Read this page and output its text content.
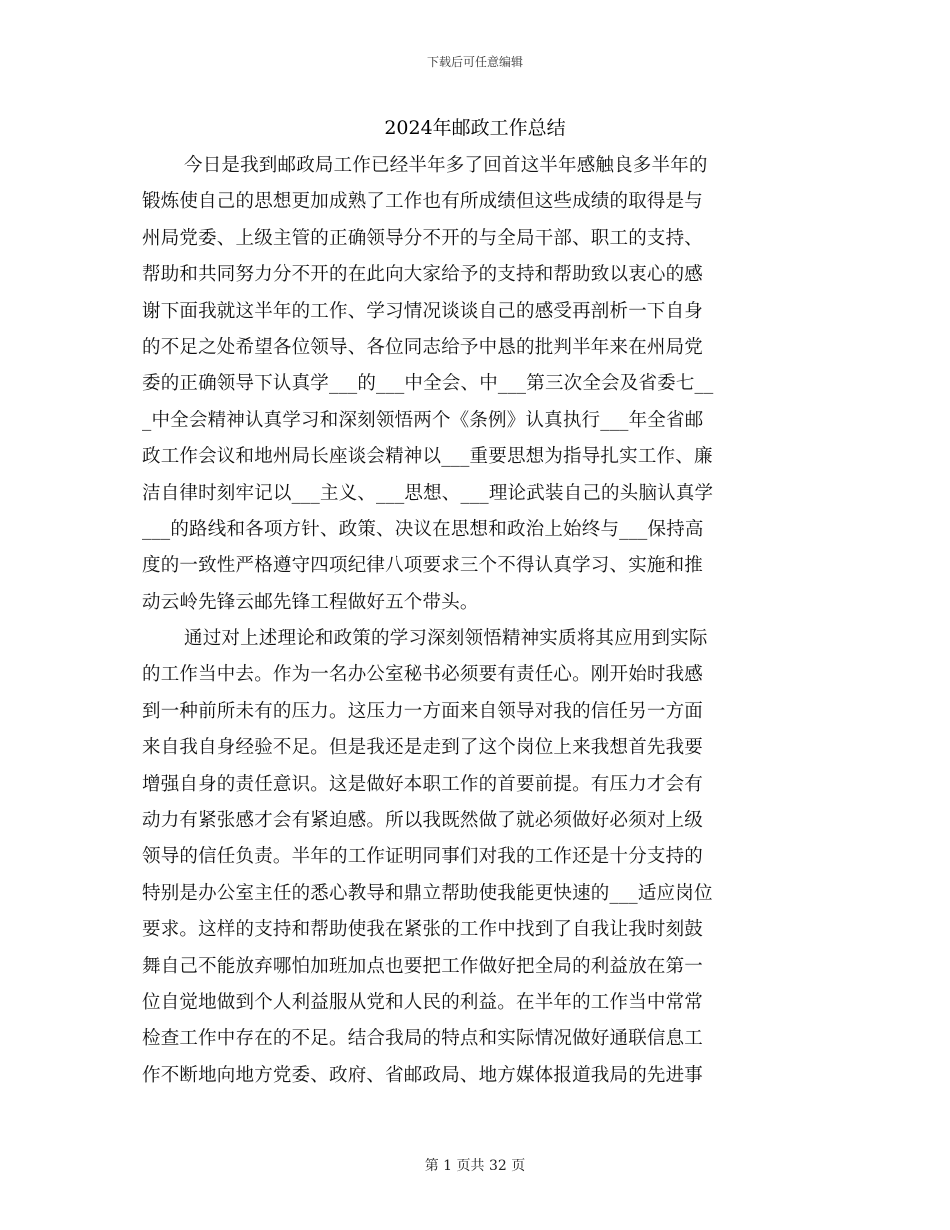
下载后可任意编辑
2024年邮政工作总结
今日是我到邮政局工作已经半年多了回首这半年感触良多半年的
锻炼使自己的思想更加成熟了工作也有所成绩但这些成绩的取得是与
州局党委、上级主管的正确领导分不开的与全局干部、职工的支持、
帮助和共同努力分不开的在此向大家给予的支持和帮助致以衷心的感
谢下面我就这半年的工作、学习情况谈谈自己的感受再剖析一下自身
的不足之处希望各位领导、各位同志给予中恳的批判半年来在州局党
委的正确领导下认真学___的___中全会、中___第三次全会及省委七__
_中全会精神认真学习和深刻领悟两个《条例》认真执行___年全省邮
政工作会议和地州局长座谈会精神以___重要思想为指导扎实工作、廉
洁自律时刻牢记以___主义、___思想、___理论武装自己的头脑认真学
___的路线和各项方针、政策、决议在思想和政治上始终与___保持高
度的一致性严格遵守四项纪律八项要求三个不得认真学习、实施和推
动云岭先锋云邮先锋工程做好五个带头。
通过对上述理论和政策的学习深刻领悟精神实质将其应用到实际
的工作当中去。作为一名办公室秘书必须要有责任心。刚开始时我感
到一种前所未有的压力。这压力一方面来自领导对我的信任另一方面
来自我自身经验不足。但是我还是走到了这个岗位上来我想首先我要
增强自身的责任意识。这是做好本职工作的首要前提。有压力才会有
动力有紧张感才会有紧迫感。所以我既然做了就必须做好必须对上级
领导的信任负责。半年的工作证明同事们对我的工作还是十分支持的
特别是办公室主任的悉心教导和鼎立帮助使我能更快速的___适应岗位
要求。这样的支持和帮助使我在紧张的工作中找到了自我让我时刻鼓
舞自己不能放弃哪怕加班加点也要把工作做好把全局的利益放在第一
位自觉地做到个人利益服从党和人民的利益。在半年的工作当中常常
检查工作中存在的不足。结合我局的特点和实际情况做好通联信息工
作不断地向地方党委、政府、省邮政局、地方媒体报道我局的先进事
第 1 页共 32 页
